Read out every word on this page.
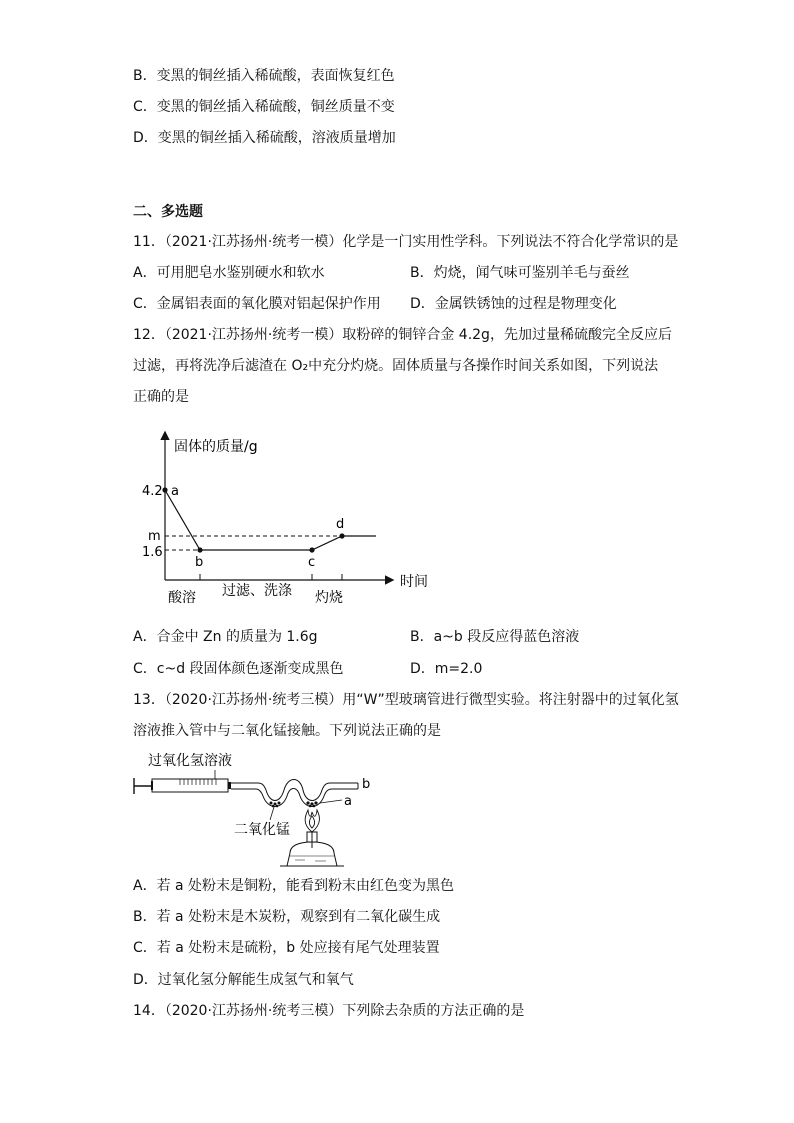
B．变黑的铜丝插入稀硫酸，表面恢复红色
C．变黑的铜丝插入稀硫酸，铜丝质量不变
D．变黑的铜丝插入稀硫酸，溶液质量增加
二、多选题
11．（2021·江苏扬州·统考一模）化学是一门实用性学科。下列说法不符合化学常识的是
A．可用肥皂水鉴别硬水和软水	B．灼烧，闻气味可鉴别羊毛与蚕丝
C．金属铝表面的氧化膜对铝起保护作用 D．金属铁锈蚀的过程是物理变化
12．（2021·江苏扬州·统考一模）取粉碎的铜锌合金 4.2g，先加过量稀硫酸完全反应后
过滤，再将洗净后滤渣在 O₂中充分灼烧。固体质量与各操作时间关系如图，下列说法
正确的是
固体的质量/g
时间
4.2
m
1.6
a
b	c
d
酸溶 过滤、洗涤 灼烧
A．合金中 Zn 的质量为 1.6g	B．a~b 段反应得蓝色溶液
C．c~d 段固体颜色逐渐变成黑色	D．m=2.0
13．（2020·江苏扬州·统考三模）用“W”型玻璃管进行微型实验。将注射器中的过氧化氢
溶液推入管中与二氧化锰接触。下列说法正确的是
过氧化氢溶液
b
二氧化锰
a
A．若 a 处粉末是铜粉，能看到粉末由红色变为黑色
B．若 a 处粉末是木炭粉，观察到有二氧化碳生成
C．若 a 处粉末是硫粉，b 处应接有尾气处理装置
D．过氧化氢分解能生成氢气和氧气
14．（2020·江苏扬州·统考三模）下列除去杂质的方法正确的是
